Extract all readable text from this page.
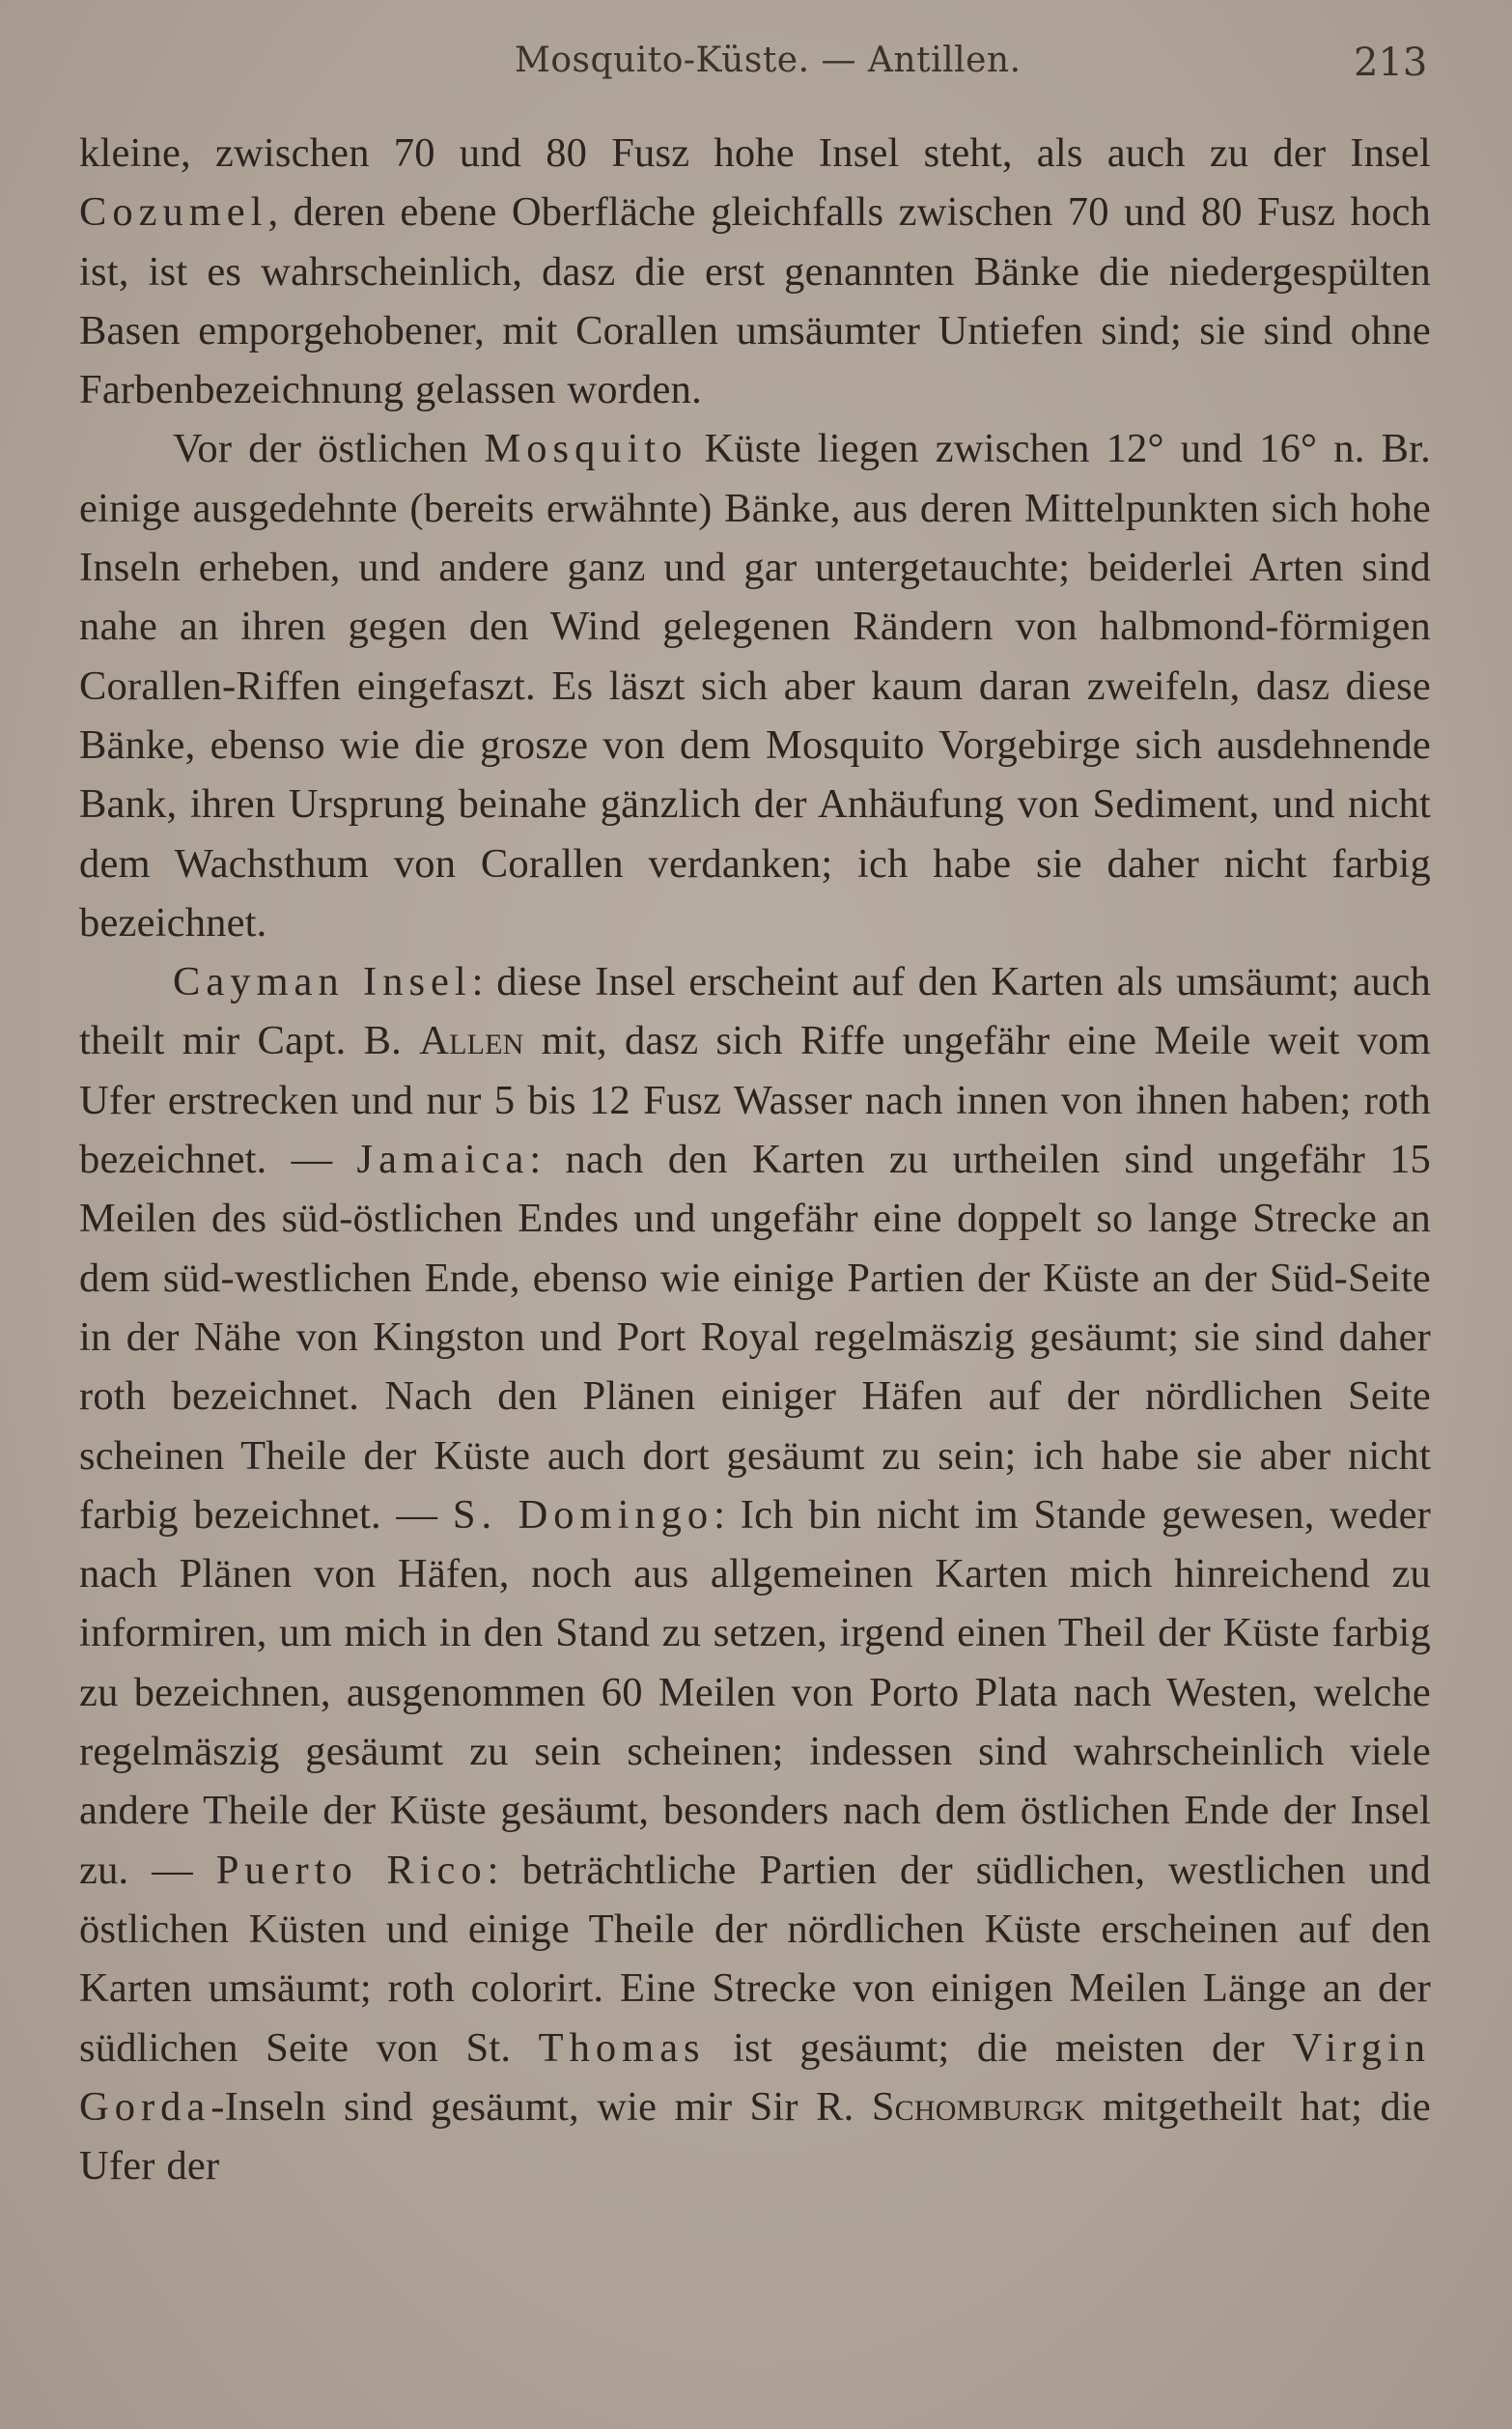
Mosquito-Küste. — Antillen.	213

kleine, zwischen 70 und 80 Fusz hohe Insel steht, als auch zu der Insel Cozumel, deren ebene Oberfläche gleichfalls zwischen 70 und 80 Fusz hoch ist, ist es wahrscheinlich, dasz die erst genannten Bänke die niedergespülten Basen emporgehobener, mit Corallen umsäumter Untiefen sind; sie sind ohne Farbenbezeichnung gelassen worden.

Vor der östlichen Mosquito Küste liegen zwischen 12° und 16° n. Br. einige ausgedehnte (bereits erwähnte) Bänke, aus deren Mittelpunkten sich hohe Inseln erheben, und andere ganz und gar untergetauchte; beiderlei Arten sind nahe an ihren gegen den Wind gelegenen Rändern von halbmond-förmigen Corallen-Riffen eingefaszt. Es läszt sich aber kaum daran zweifeln, dasz diese Bänke, ebenso wie die grosze von dem Mosquito Vorgebirge sich ausdehnende Bank, ihren Ursprung beinahe gänzlich der Anhäufung von Sediment, und nicht dem Wachsthum von Corallen verdanken; ich habe sie daher nicht farbig bezeichnet.

Cayman Insel: diese Insel erscheint auf den Karten als umsäumt; auch theilt mir Capt. B. Allen mit, dasz sich Riffe ungefähr eine Meile weit vom Ufer erstrecken und nur 5 bis 12 Fusz Wasser nach innen von ihnen haben; roth bezeichnet. — Jamaica: nach den Karten zu urtheilen sind ungefähr 15 Meilen des süd-östlichen Endes und ungefähr eine doppelt so lange Strecke an dem süd-westlichen Ende, ebenso wie einige Partien der Küste an der Süd-Seite in der Nähe von Kingston und Port Royal regelmäszig gesäumt; sie sind daher roth bezeichnet. Nach den Plänen einiger Häfen auf der nördlichen Seite scheinen Theile der Küste auch dort gesäumt zu sein; ich habe sie aber nicht farbig bezeichnet. — S. Domingo: Ich bin nicht im Stande gewesen, weder nach Plänen von Häfen, noch aus allgemeinen Karten mich hinreichend zu informiren, um mich in den Stand zu setzen, irgend einen Theil der Küste farbig zu bezeichnen, ausgenommen 60 Meilen von Porto Plata nach Westen, welche regelmäszig gesäumt zu sein scheinen; indessen sind wahrscheinlich viele andere Theile der Küste gesäumt, besonders nach dem östlichen Ende der Insel zu. — Puerto Rico: beträchtliche Partien der südlichen, westlichen und östlichen Küsten und einige Theile der nördlichen Küste erscheinen auf den Karten umsäumt; roth colorirt. Eine Strecke von einigen Meilen Länge an der südlichen Seite von St. Thomas ist gesäumt; die meisten der Virgin Gorda-Inseln sind gesäumt, wie mir Sir R. Schomburgk mitgetheilt hat; die Ufer der
